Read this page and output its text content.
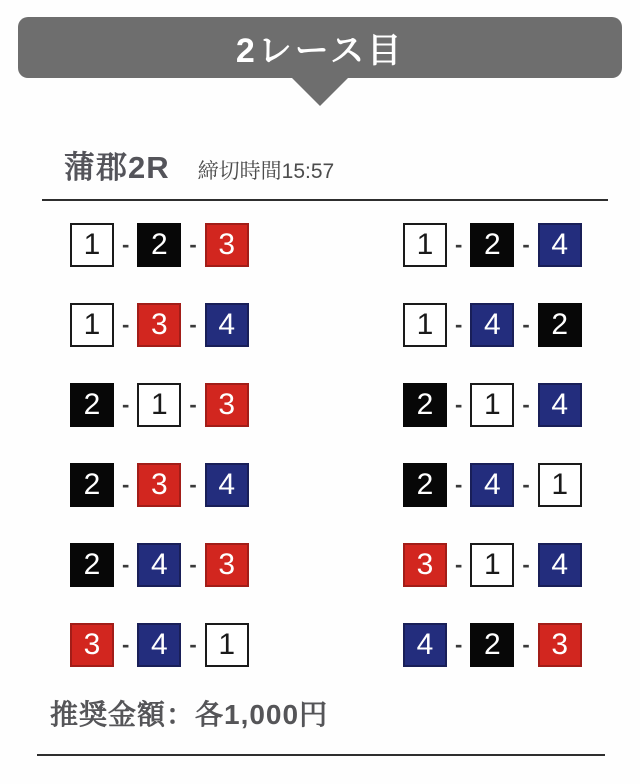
2レース目
蒲郡2R 締切時間15:57
1 - 2 - 3	1 - 2 - 4
1 - 3 - 4	1 - 4 - 2
2 - 1 - 3	2 - 1 - 4
2 - 3 - 4	2 - 4 - 1
2 - 4 - 3	3 - 1 - 4
3 - 4 - 1	4 - 2 - 3
推奨金額：各1,000円
